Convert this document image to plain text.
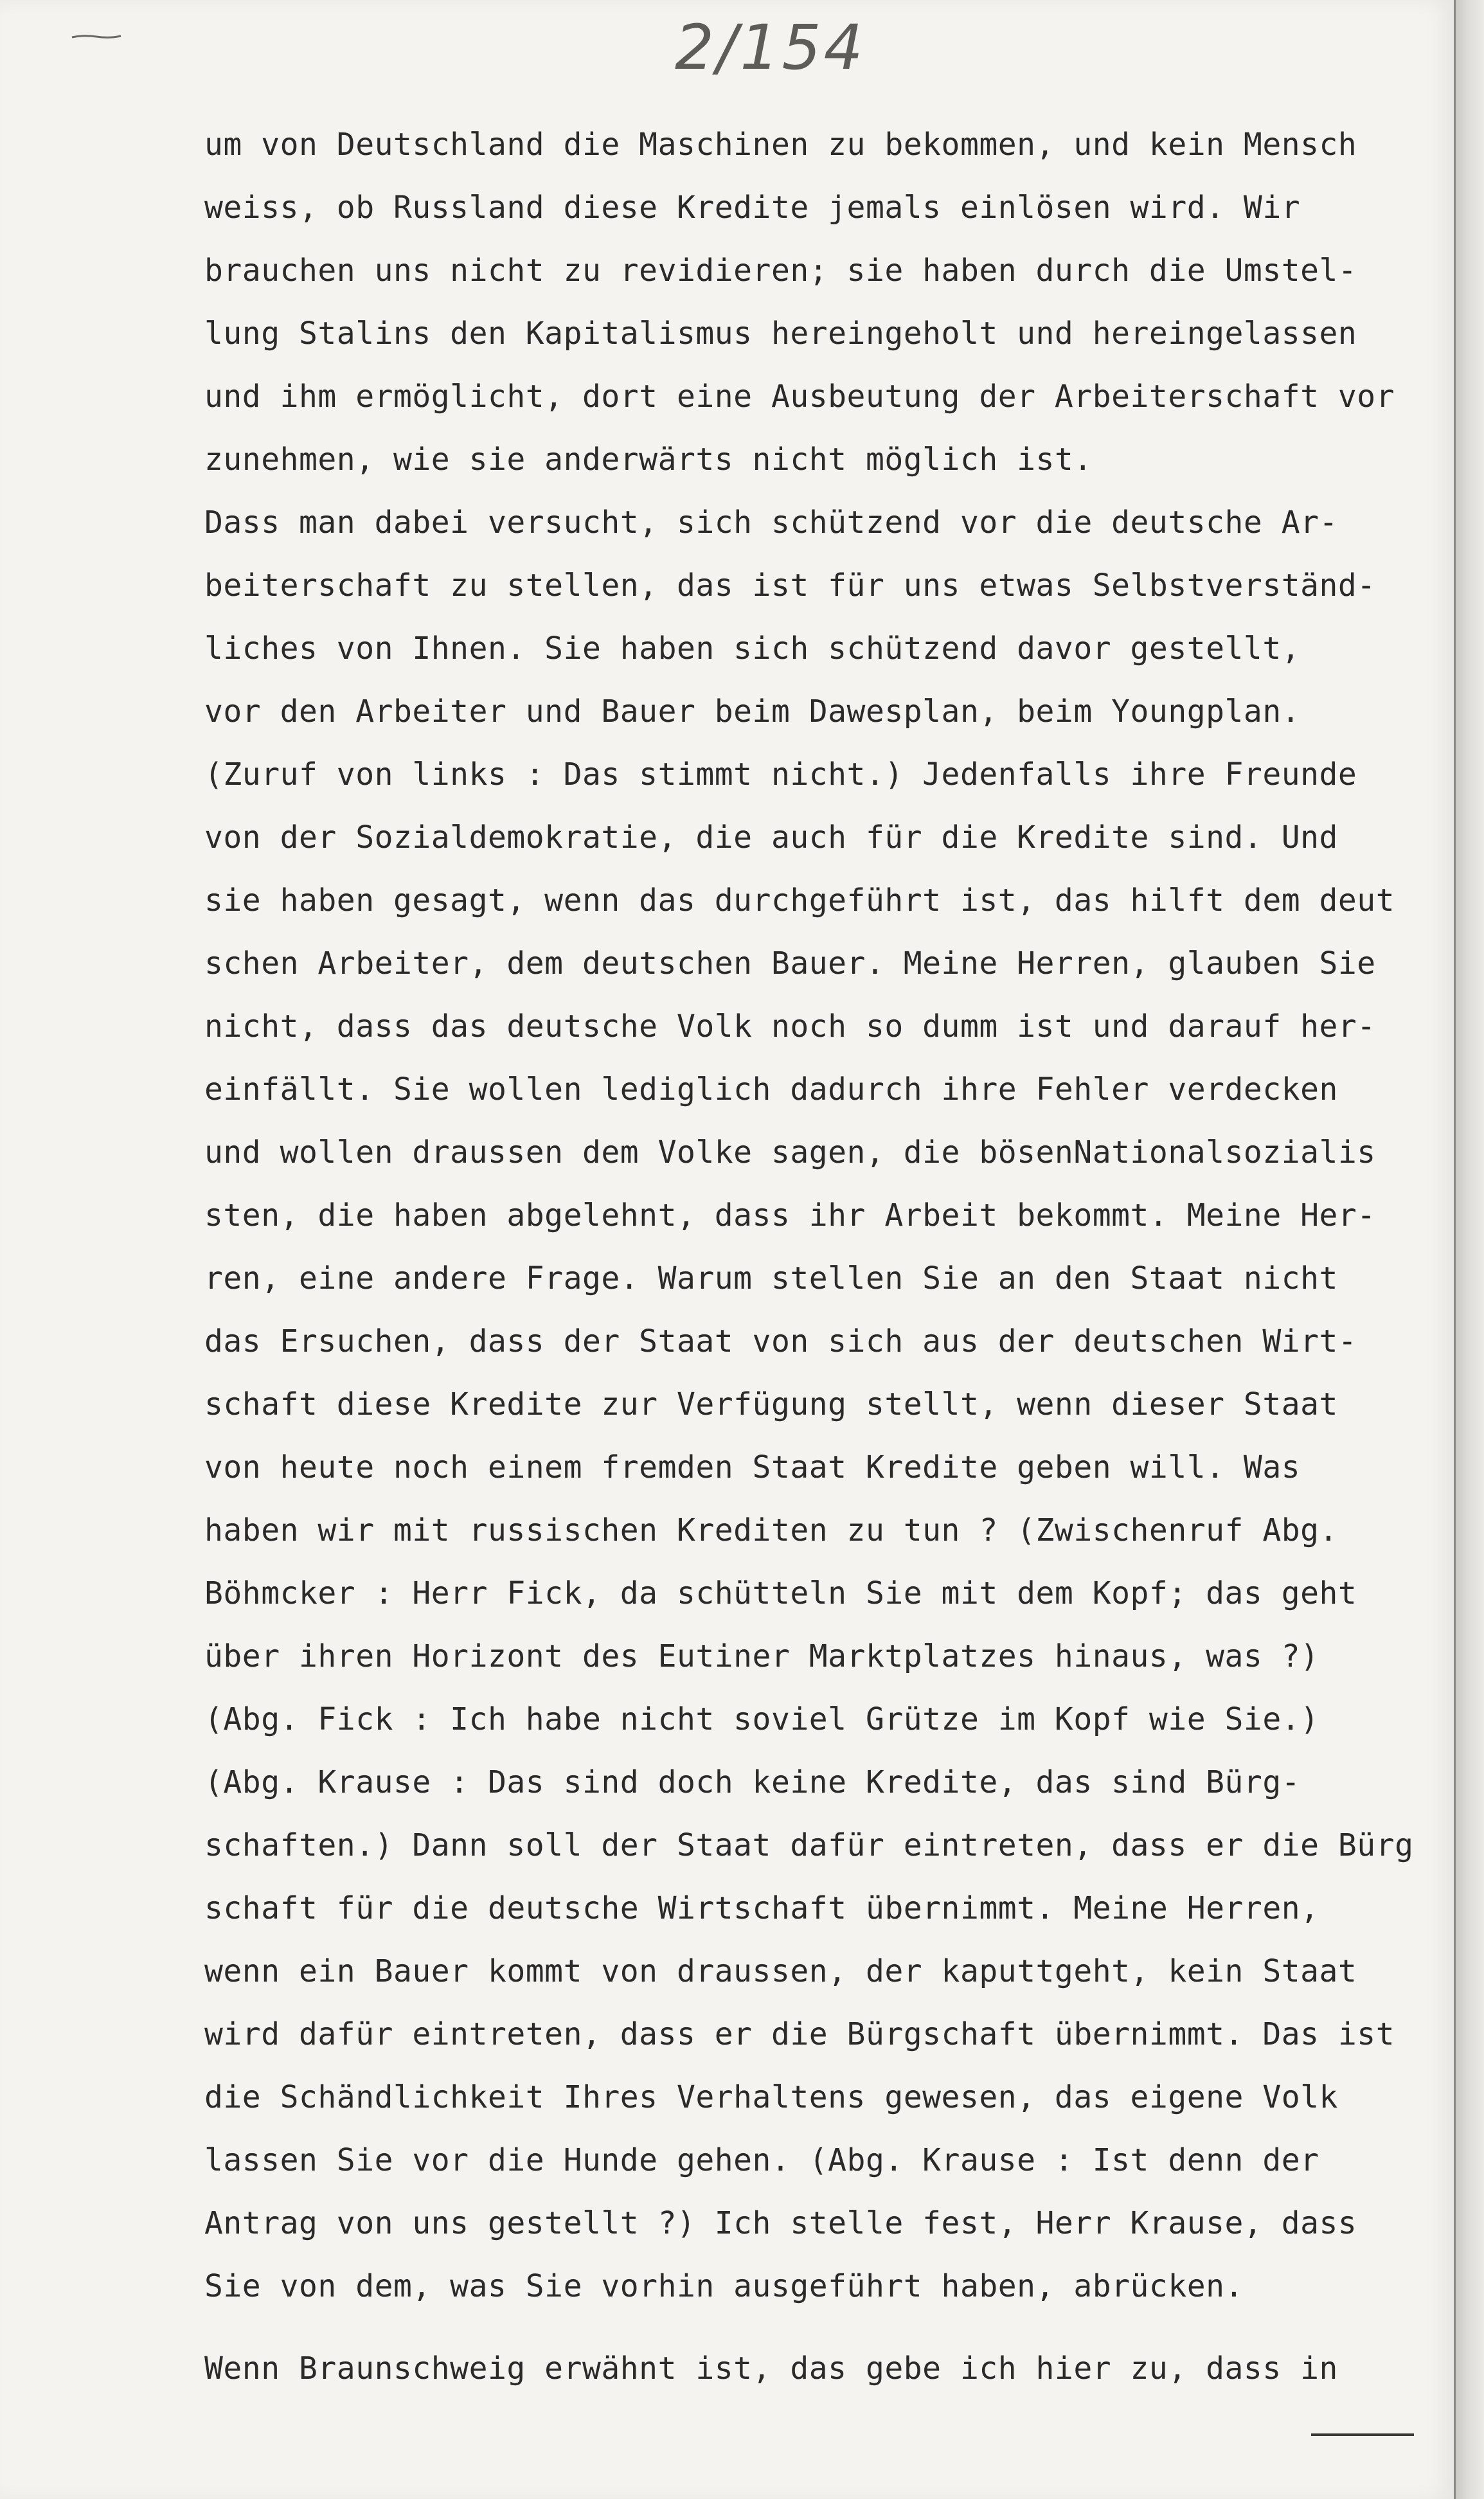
2/154
um von Deutschland die Maschinen zu bekommen, und kein Mensch
weiss, ob Russland diese Kredite jemals einlösen wird. Wir
brauchen uns nicht zu revidieren; sie haben durch die Umstel-
lung Stalins den Kapitalismus hereingeholt und hereingelassen
und ihm ermöglicht, dort eine Ausbeutung der Arbeiterschaft vor
zunehmen, wie sie anderwärts nicht möglich ist.
Dass man dabei versucht, sich schützend vor die deutsche Ar-
beiterschaft zu stellen, das ist für uns etwas Selbstverständ-
liches von Ihnen. Sie haben sich schützend davor gestellt,
vor den Arbeiter und Bauer beim Dawesplan, beim Youngplan.
(Zuruf von links : Das stimmt nicht.) Jedenfalls ihre Freunde
von der Sozialdemokratie, die auch für die Kredite sind. Und
sie haben gesagt, wenn das durchgeführt ist, das hilft dem deut
schen Arbeiter, dem deutschen Bauer. Meine Herren, glauben Sie
nicht, dass das deutsche Volk noch so dumm ist und darauf her-
einfällt. Sie wollen lediglich dadurch ihre Fehler verdecken
und wollen draussen dem Volke sagen, die bösenNationalsozialis
sten, die haben abgelehnt, dass ihr Arbeit bekommt. Meine Her-
ren, eine andere Frage. Warum stellen Sie an den Staat nicht
das Ersuchen, dass der Staat von sich aus der deutschen Wirt-
schaft diese Kredite zur Verfügung stellt, wenn dieser Staat
von heute noch einem fremden Staat Kredite geben will. Was
haben wir mit russischen Krediten zu tun ? (Zwischenruf Abg.
Böhmcker : Herr Fick, da schütteln Sie mit dem Kopf; das geht
über ihren Horizont des Eutiner Marktplatzes hinaus, was ?)
(Abg. Fick : Ich habe nicht soviel Grütze im Kopf wie Sie.)
(Abg. Krause : Das sind doch keine Kredite, das sind Bürg-
schaften.) Dann soll der Staat dafür eintreten, dass er die Bürg
schaft für die deutsche Wirtschaft übernimmt. Meine Herren,
wenn ein Bauer kommt von draussen, der kaputtgeht, kein Staat
wird dafür eintreten, dass er die Bürgschaft übernimmt. Das ist
die Schändlichkeit Ihres Verhaltens gewesen, das eigene Volk
lassen Sie vor die Hunde gehen. (Abg. Krause : Ist denn der
Antrag von uns gestellt ?) Ich stelle fest, Herr Krause, dass
Sie von dem, was Sie vorhin ausgeführt haben, abrücken.
Wenn Braunschweig erwähnt ist, das gebe ich hier zu, dass in
